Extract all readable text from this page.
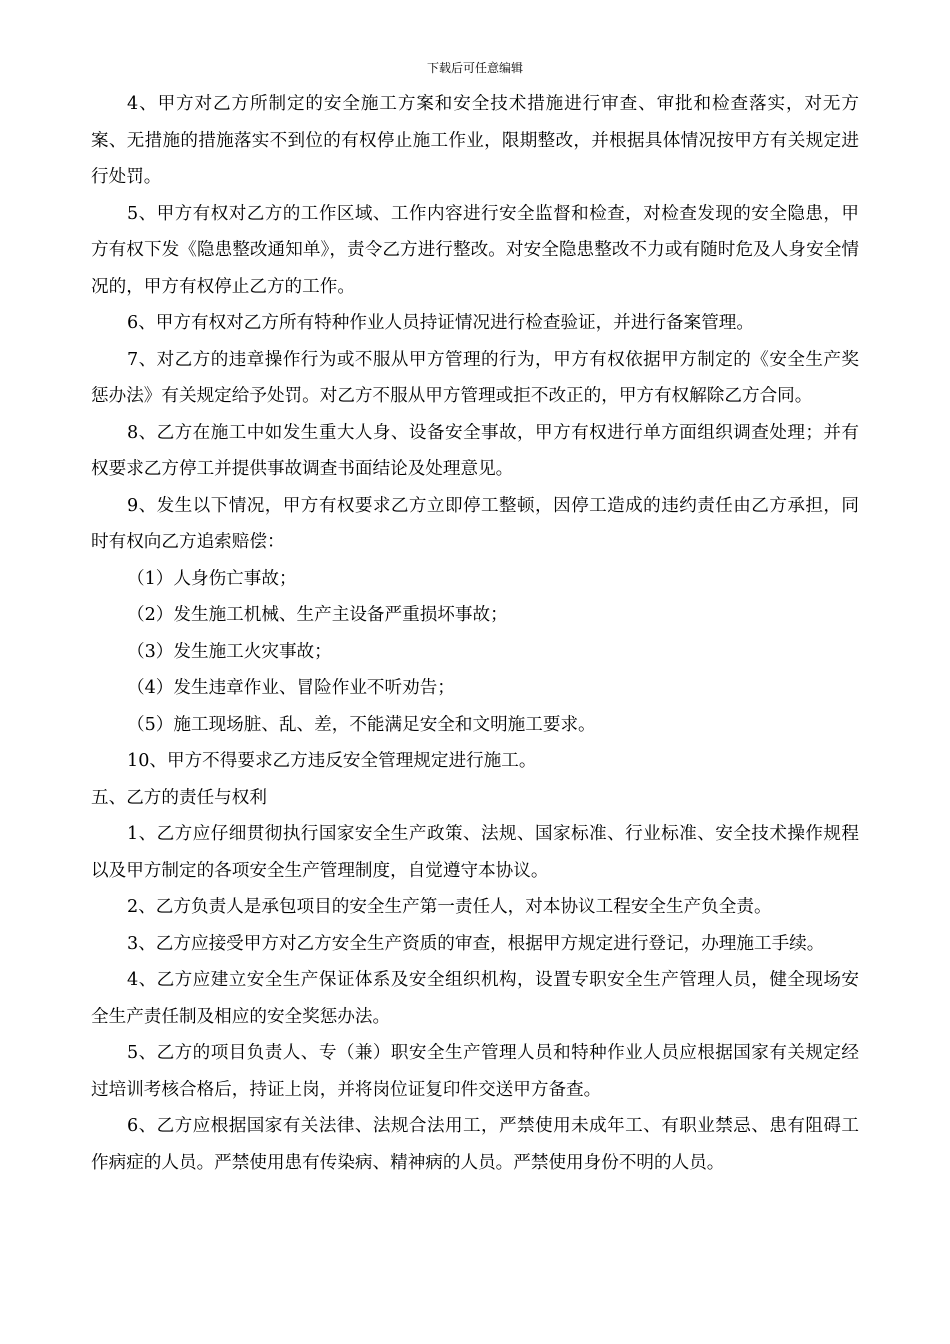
下载后可任意编辑

4、甲方对乙方所制定的安全施工方案和安全技术措施进行审查、审批和检查落实，对无方案、无措施的措施落实不到位的有权停止施工作业，限期整改，并根据具体情况按甲方有关规定进行处罚。

5、甲方有权对乙方的工作区域、工作内容进行安全监督和检查，对检查发现的安全隐患，甲方有权下发《隐患整改通知单》，责令乙方进行整改。对安全隐患整改不力或有随时危及人身安全情况的，甲方有权停止乙方的工作。

6、甲方有权对乙方所有特种作业人员持证情况进行检查验证，并进行备案管理。

7、对乙方的违章操作行为或不服从甲方管理的行为，甲方有权依据甲方制定的《安全生产奖惩办法》有关规定给予处罚。对乙方不服从甲方管理或拒不改正的，甲方有权解除乙方合同。

8、乙方在施工中如发生重大人身、设备安全事故，甲方有权进行单方面组织调查处理；并有权要求乙方停工并提供事故调查书面结论及处理意见。

9、发生以下情况，甲方有权要求乙方立即停工整顿，因停工造成的违约责任由乙方承担，同时有权向乙方追索赔偿：

（1）人身伤亡事故；

（2）发生施工机械、生产主设备严重损坏事故；

（3）发生施工火灾事故；

（4）发生违章作业、冒险作业不听劝告；

（5）施工现场脏、乱、差，不能满足安全和文明施工要求。

10、甲方不得要求乙方违反安全管理规定进行施工。

五、乙方的责任与权利

1、乙方应仔细贯彻执行国家安全生产政策、法规、国家标准、行业标准、安全技术操作规程以及甲方制定的各项安全生产管理制度，自觉遵守本协议。

2、乙方负责人是承包项目的安全生产第一责任人，对本协议工程安全生产负全责。

3、乙方应接受甲方对乙方安全生产资质的审查，根据甲方规定进行登记，办理施工手续。

4、乙方应建立安全生产保证体系及安全组织机构，设置专职安全生产管理人员，健全现场安全生产责任制及相应的安全奖惩办法。

5、乙方的项目负责人、专（兼）职安全生产管理人员和特种作业人员应根据国家有关规定经过培训考核合格后，持证上岗，并将岗位证复印件交送甲方备查。

6、乙方应根据国家有关法律、法规合法用工，严禁使用未成年工、有职业禁忌、患有阻碍工作病症的人员。严禁使用患有传染病、精神病的人员。严禁使用身份不明的人员。
